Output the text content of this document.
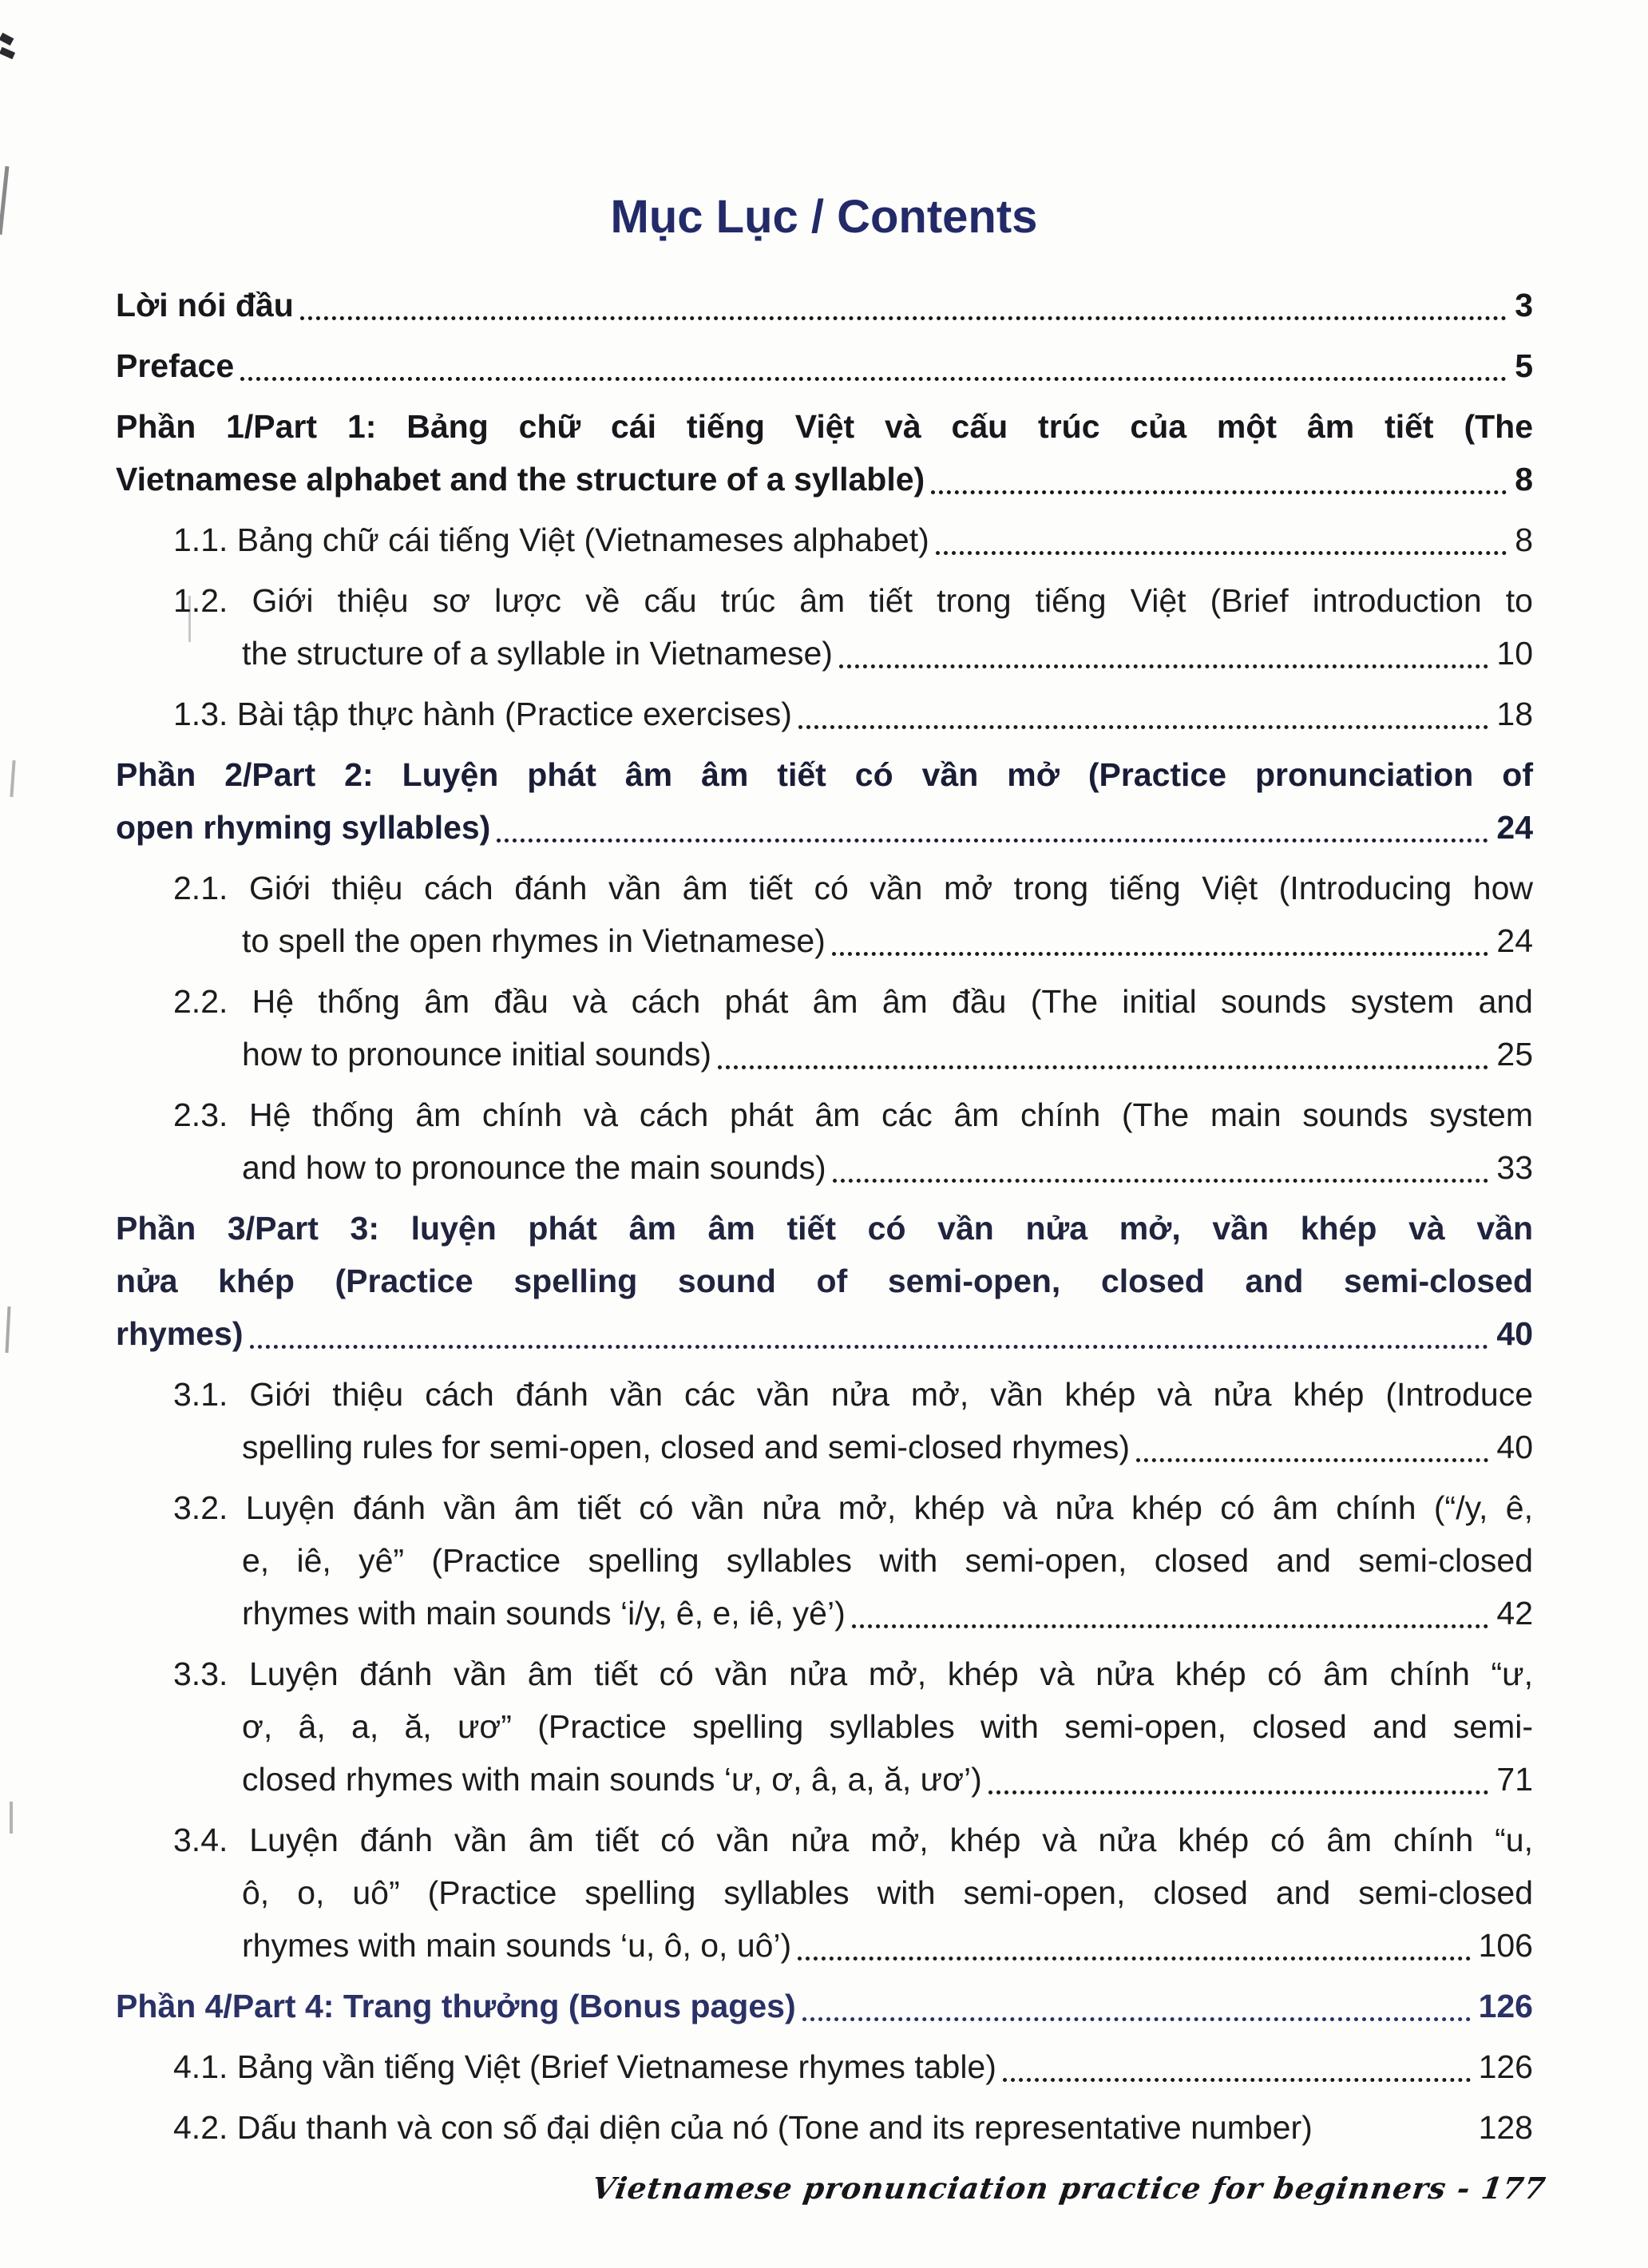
Mục Lục / Contents
Lời nói đầu	3
Preface	5
Phần 1/Part 1: Bảng chữ cái tiếng Việt và cấu trúc của một âm tiết (The
Vietnamese alphabet and the structure of a syllable)	8
1.1. Bảng chữ cái tiếng Việt (Vietnameses alphabet)	8
1.2. Giới thiệu sơ lược về cấu trúc âm tiết trong tiếng Việt (Brief introduction to
the structure of a syllable in Vietnamese)	10
1.3. Bài tập thực hành (Practice exercises)	18
Phần 2/Part 2: Luyện phát âm âm tiết có vần mở (Practice pronunciation of
open rhyming syllables)	24
2.1. Giới thiệu cách đánh vần âm tiết có vần mở trong tiếng Việt (Introducing how
to spell the open rhymes in Vietnamese)	24
2.2. Hệ thống âm đầu và cách phát âm âm đầu (The initial sounds system and
how to pronounce initial sounds)	25
2.3. Hệ thống âm chính và cách phát âm các âm chính (The main sounds system
and how to pronounce the main sounds)	33
Phần 3/Part 3: luyện phát âm âm tiết có vần nửa mở, vần khép và vần
nửa khép (Practice spelling sound of semi-open, closed and semi-closed
rhymes)	40
3.1. Giới thiệu cách đánh vần các vần nửa mở, vần khép và nửa khép (Introduce
spelling rules for semi-open, closed and semi-closed rhymes)	40
3.2. Luyện đánh vần âm tiết có vần nửa mở, khép và nửa khép có âm chính (“/y, ê,
e, iê, yê” (Practice spelling syllables with semi-open, closed and semi-closed
rhymes with main sounds ‘i/y, ê, e, iê, yê’)	42
3.3. Luyện đánh vần âm tiết có vần nửa mở, khép và nửa khép có âm chính “ư,
ơ, â, a, ă, ươ” (Practice spelling syllables with semi-open, closed and semi-
closed rhymes with main sounds ‘ư, ơ, â, a, ă, ươ’)	71
3.4. Luyện đánh vần âm tiết có vần nửa mở, khép và nửa khép có âm chính “u,
ô, o, uô” (Practice spelling syllables with semi-open, closed and semi-closed
rhymes with main sounds ‘u, ô, o, uô’)	106
Phần 4/Part 4: Trang thưởng (Bonus pages)	126
4.1. Bảng vần tiếng Việt (Brief Vietnamese rhymes table)	126
4.2. Dấu thanh và con số đại diện của nó (Tone and its representative number)	128
Vietnamese pronunciation practice for beginners - 177
